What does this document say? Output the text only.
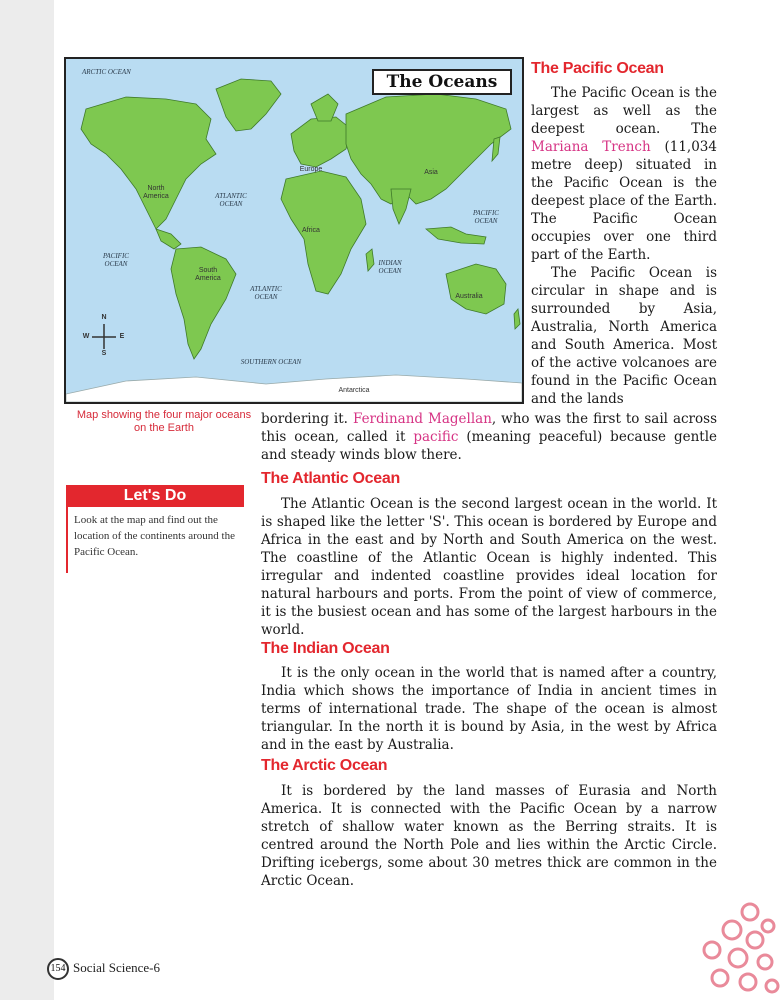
The Oceans
ARCTIC OCEAN
ATLANTIC OCEAN
ATLANTIC OCEAN
PACIFIC OCEAN
PACIFIC OCEAN
INDIAN OCEAN
SOUTHERN OCEAN
North America
South America
Europe
Africa
Asia
Australia
Antarctica
N
S
E
W
Map showing the four major oceans on the Earth
Let's Do
Look at the map and find out the location of the continents around the Pacific Ocean.
The Pacific Ocean

The Pacific Ocean is the largest as well as the deepest ocean. The Mariana Trench (11,034 metre deep) situated in the Pacific Ocean is the deepest place of the Earth. The Pacific Ocean occupies over one third part of the Earth.

The Pacific Ocean is circular in shape and is surrounded by Asia, Australia, North America and South America. Most of the active volcanoes are found in the Pacific Ocean and the lands

bordering it. Ferdinand Magellan, who was the first to sail across this ocean, called it pacific (meaning peaceful) because gentle and steady winds blow there.
The Atlantic Ocean

The Atlantic Ocean is the second largest ocean in the world. It is shaped like the letter 'S'. This ocean is bordered by Europe and Africa in the east and by North and South America on the west. The coastline of the Atlantic Ocean is highly indented. This irregular and indented coastline provides ideal location for natural harbours and ports. From the point of view of commerce, it is the busiest ocean and has some of the largest harbours in the world.

The Indian Ocean

It is the only ocean in the world that is named after a country, India which shows the importance of India in ancient times in terms of international trade. The shape of the ocean is almost triangular. In the north it is bound by Asia, in the west by Africa and in the east by Australia.

The Arctic Ocean

It is bordered by the land masses of Eurasia and North America. It is connected with the Pacific Ocean by a narrow stretch of shallow water known as the Berring straits. It is centred around the North Pole and lies within the Arctic Circle. Drifting icebergs, some about 30 metres thick are common in the Arctic Ocean.

154 Social Science-6
